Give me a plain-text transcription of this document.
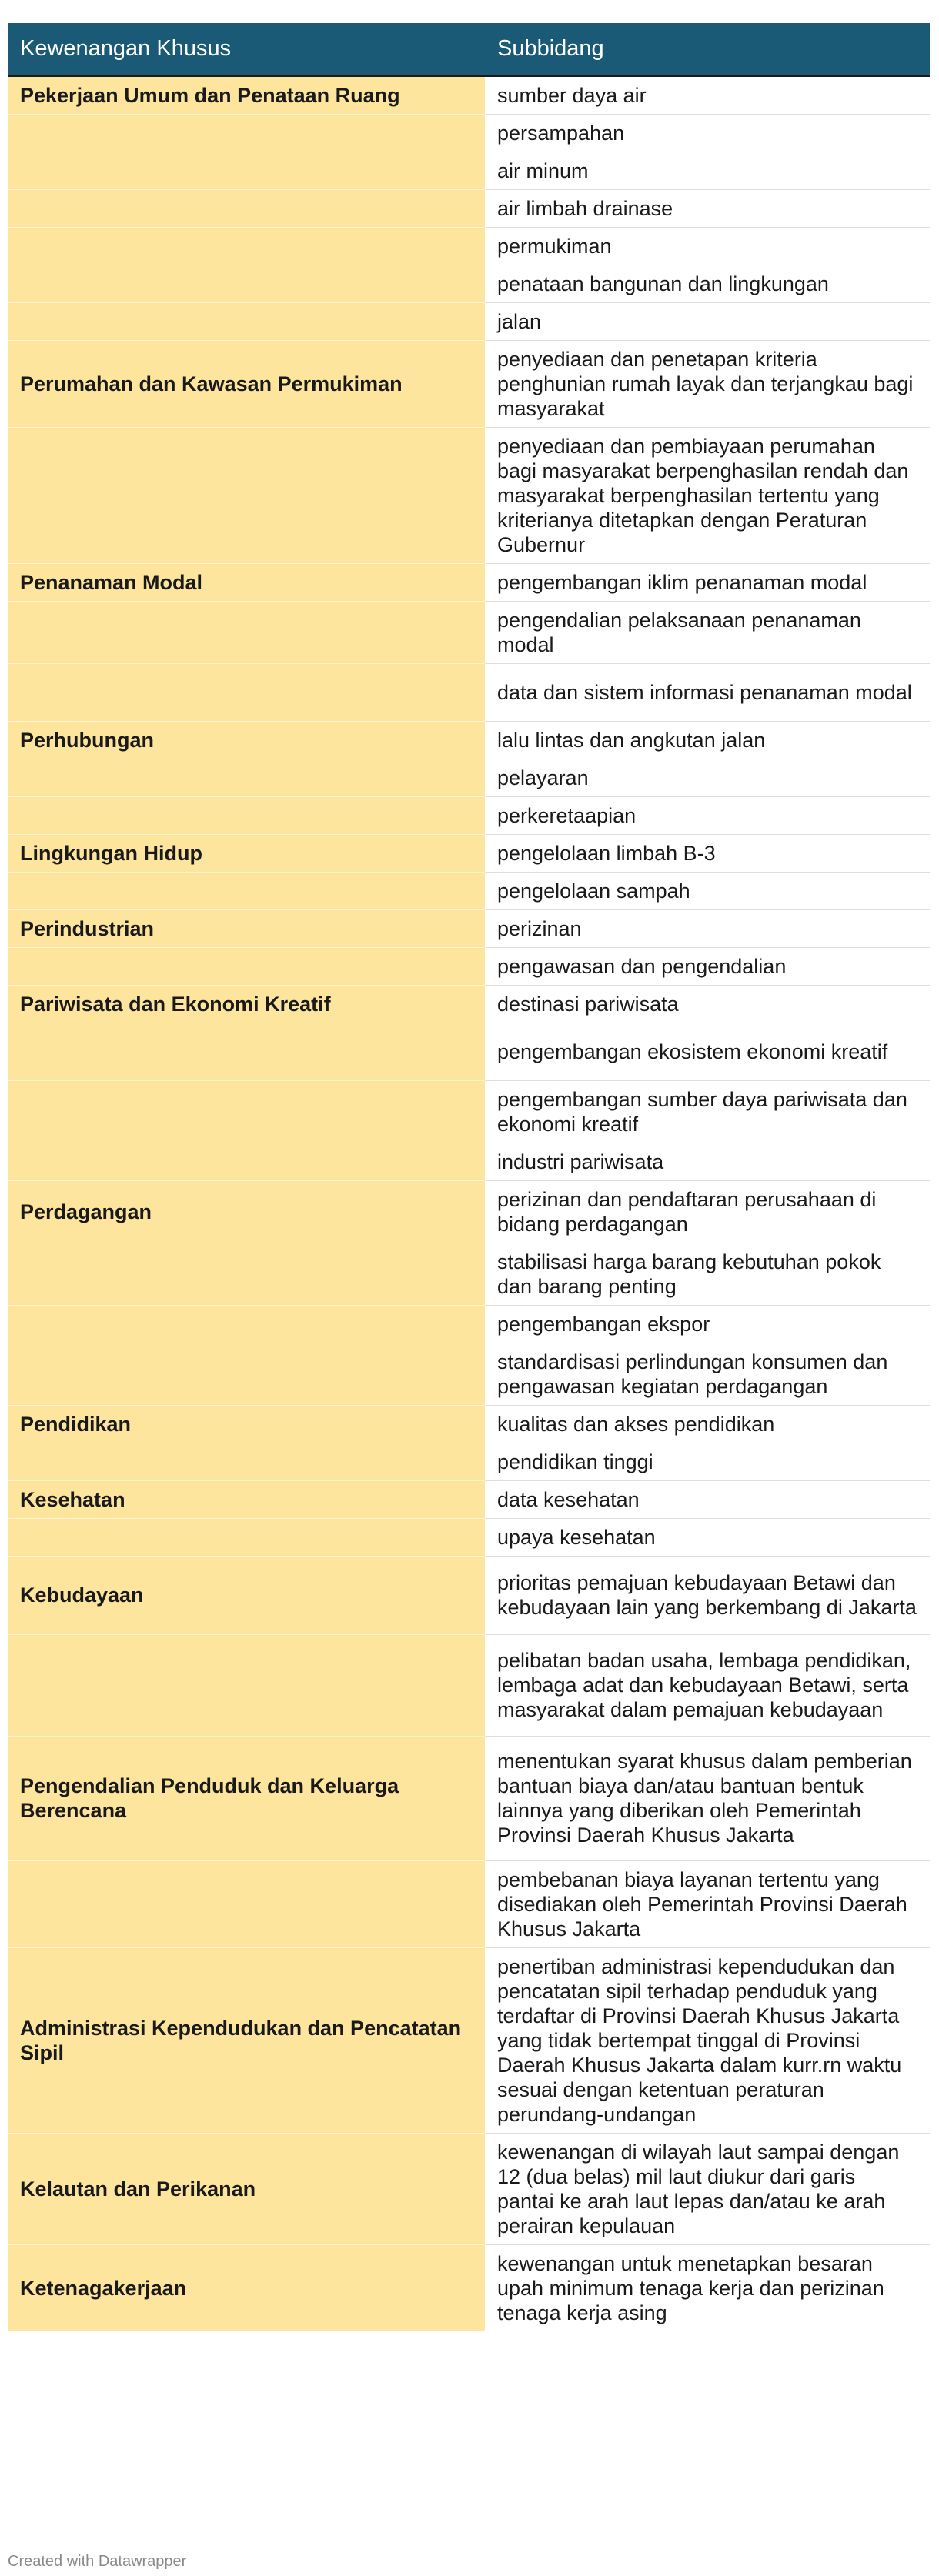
Kewenangan Khusus	Subbidang
Pekerjaan Umum dan Penataan Ruang	sumber daya air
	persampahan
	air minum
	air limbah drainase
	permukiman
	penataan bangunan dan lingkungan
	jalan
Perumahan dan Kawasan Permukiman	penyediaan dan penetapan kriteria penghunian rumah layak dan terjangkau bagi masyarakat
	penyediaan dan pembiayaan perumahan bagi masyarakat berpenghasilan rendah dan masyarakat berpenghasilan tertentu yang kriterianya ditetapkan dengan Peraturan Gubernur
Penanaman Modal	pengembangan iklim penanaman modal
	pengendalian pelaksanaan penanaman modal
	data dan sistem informasi penanaman modal
Perhubungan	lalu lintas dan angkutan jalan
	pelayaran
	perkeretaapian
Lingkungan Hidup	pengelolaan limbah B-3
	pengelolaan sampah
Perindustrian	perizinan
	pengawasan dan pengendalian
Pariwisata dan Ekonomi Kreatif	destinasi pariwisata
	pengembangan ekosistem ekonomi kreatif
	pengembangan sumber daya pariwisata dan ekonomi kreatif
	industri pariwisata
Perdagangan	perizinan dan pendaftaran perusahaan di bidang perdagangan
	stabilisasi harga barang kebutuhan pokok dan barang penting
	pengembangan ekspor
	standardisasi perlindungan konsumen dan pengawasan kegiatan perdagangan
Pendidikan	kualitas dan akses pendidikan
	pendidikan tinggi
Kesehatan	data kesehatan
	upaya kesehatan
Kebudayaan	prioritas pemajuan kebudayaan Betawi dan kebudayaan lain yang berkembang di Jakarta
	pelibatan badan usaha, lembaga pendidikan, lembaga adat dan kebudayaan Betawi, serta masyarakat dalam pemajuan kebudayaan
Pengendalian Penduduk dan Keluarga Berencana	menentukan syarat khusus dalam pemberian bantuan biaya dan/atau bantuan bentuk lainnya yang diberikan oleh Pemerintah Provinsi Daerah Khusus Jakarta
	pembebanan biaya layanan tertentu yang disediakan oleh Pemerintah Provinsi Daerah Khusus Jakarta
Administrasi Kependudukan dan Pencatatan Sipil	penertiban administrasi kependudukan dan pencatatan sipil terhadap penduduk yang terdaftar di Provinsi Daerah Khusus Jakarta yang tidak bertempat tinggal di Provinsi Daerah Khusus Jakarta dalam kurr.rn waktu sesuai dengan ketentuan peraturan perundang-undangan
Kelautan dan Perikanan	kewenangan di wilayah laut sampai dengan 12 (dua belas) mil laut diukur dari garis pantai ke arah laut lepas dan/atau ke arah perairan kepulauan
Ketenagakerjaan	kewenangan untuk menetapkan besaran upah minimum tenaga kerja dan perizinan tenaga kerja asing
Created with Datawrapper
